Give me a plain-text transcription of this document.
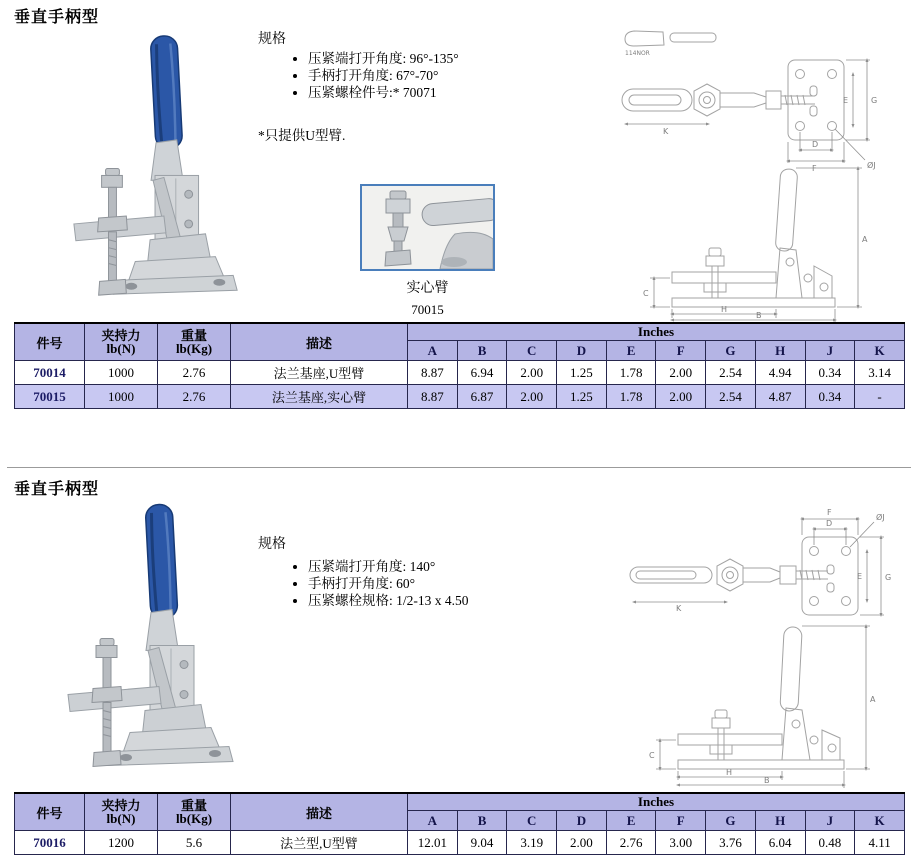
垂直手柄型
规格
• 压紧端打开角度: 96°-135°
• 手柄打开角度: 67°-70°
• 压紧螺栓件号:* 70071
*只提供U型臂.
实心臂
70015
114NOR
K
D
F	ØJ
E	G
A
C
H
B
件号	夹持力
lb(N)

重量
lb(Kg)	描述	Inches
				A	B	C	D	E	F	G	H	J	K
70014	1000	2.76	法兰基座,U型臂	8.87	6.94	2.00	1.25	1.78	2.00	2.54	4.94	0.34	3.14
70015	1000	2.76	法兰基座,实心臂	8.87	6.87	2.00	1.25	1.78	2.00	2.54	4.87	0.34	-
垂直手柄型
规格
• 压紧端打开角度: 140°
• 手柄打开角度: 60°
• 压紧螺栓规格: 1/2-13 x 4.50
K
D
F
ØJ
E	G
A
C
H
B
件号	夹持力
lb(N)

重量
lb(Kg)	描述	Inches
				A	B	C	D	E	F	G	H	J	K
70016	1200	5.6	法兰型,U型臂	12.01	9.04	3.19	2.00	2.76	3.00	3.76	6.04	0.48	4.11
